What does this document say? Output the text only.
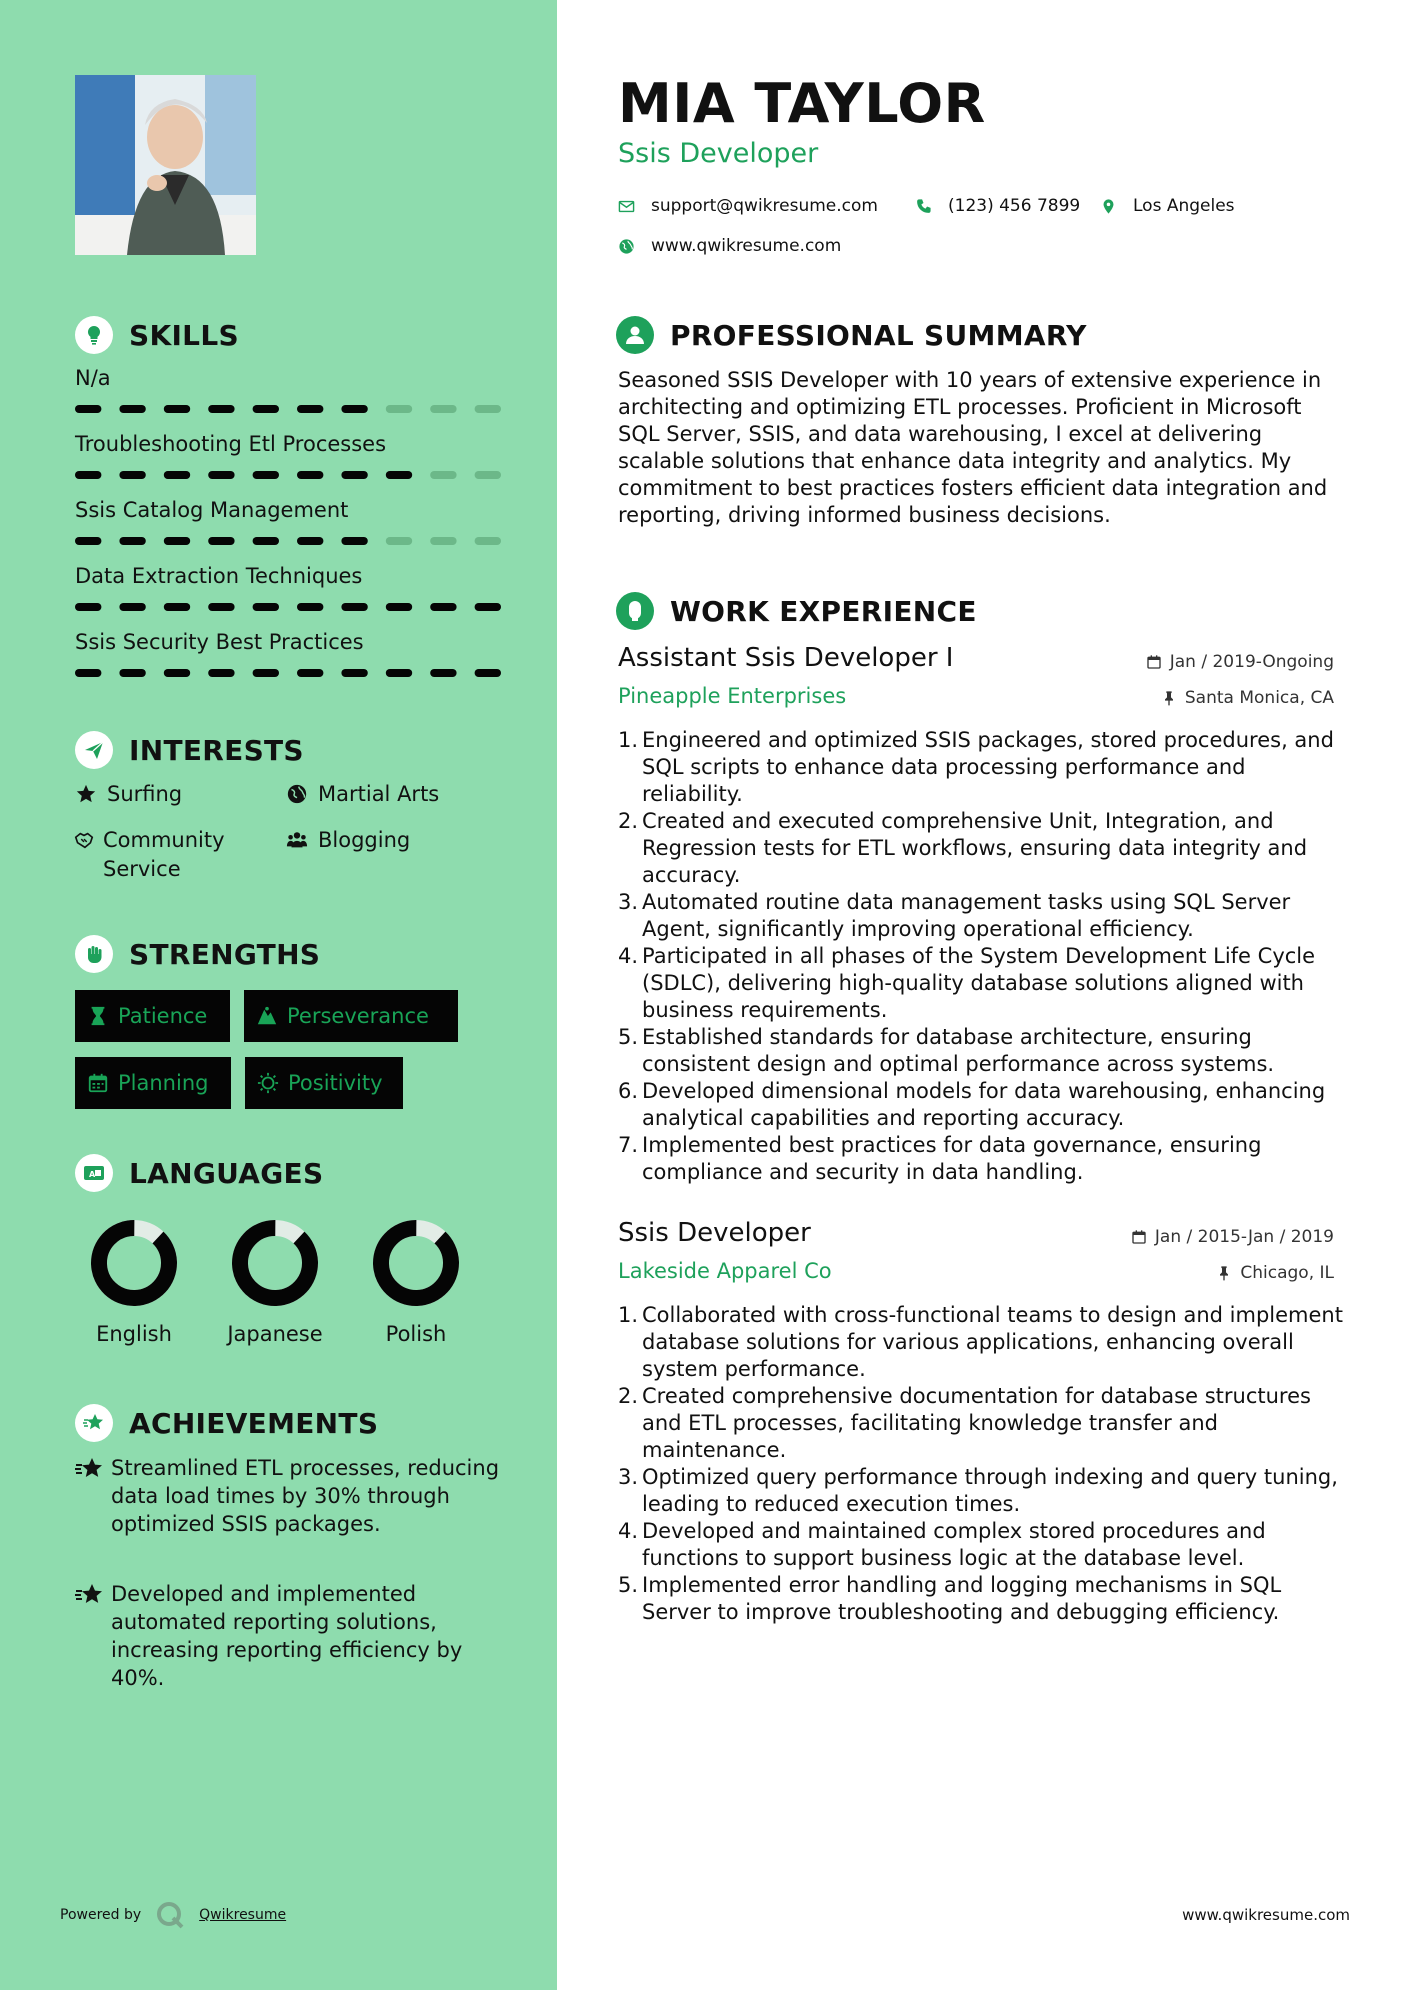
SKILLS
N/a
Troubleshooting Etl Processes
Ssis Catalog Management
Data Extraction Techniques
Ssis Security Best Practices
INTERESTS
Surfing	Martial Arts
Community Service
Blogging
STRENGTHS
Patience	Perseverance
Planning	Positivity
A LANGUAGES
English	Japanese	Polish
ACHIEVEMENTS
Streamlined ETL processes, reducing data load times by 30% through optimized SSIS packages.
Developed and implemented automated reporting solutions, increasing reporting efficiency by 40%.
Powered by	Qwikresume
MIA TAYLOR
Ssis Developer
support@qwikresume.com	(123) 456 7899	Los Angeles
www.qwikresume.com
PROFESSIONAL SUMMARY
Seasoned SSIS Developer with 10 years of extensive experience in architecting and optimizing ETL processes. Proficient in Microsoft SQL Server, SSIS, and data warehousing, I excel at delivering scalable solutions that enhance data integrity and analytics. My commitment to best practices fosters efficient data integration and reporting, driving informed business decisions.
WORK EXPERIENCE
Assistant Ssis Developer I	Jan / 2019-Ongoing
Pineapple Enterprises	Santa Monica, CA
1. Engineered and optimized SSIS packages, stored procedures, and SQL scripts to enhance data processing performance and reliability.
2. Created and executed comprehensive Unit, Integration, and Regression tests for ETL workflows, ensuring data integrity and accuracy.
3. Automated routine data management tasks using SQL Server Agent, significantly improving operational efficiency.
4. Participated in all phases of the System Development Life Cycle (SDLC), delivering high-quality database solutions aligned with business requirements.
5. Established standards for database architecture, ensuring consistent design and optimal performance across systems.
6. Developed dimensional models for data warehousing, enhancing analytical capabilities and reporting accuracy.
7. Implemented best practices for data governance, ensuring compliance and security in data handling.
Ssis Developer	Jan / 2015-Jan / 2019
Lakeside Apparel Co	Chicago, IL
1. Collaborated with cross-functional teams to design and implement database solutions for various applications, enhancing overall system performance.
2. Created comprehensive documentation for database structures and ETL processes, facilitating knowledge transfer and maintenance.
3. Optimized query performance through indexing and query tuning, leading to reduced execution times.
4. Developed and maintained complex stored procedures and functions to support business logic at the database level.
5. Implemented error handling and logging mechanisms in SQL Server to improve troubleshooting and debugging efficiency.
www.qwikresume.com
